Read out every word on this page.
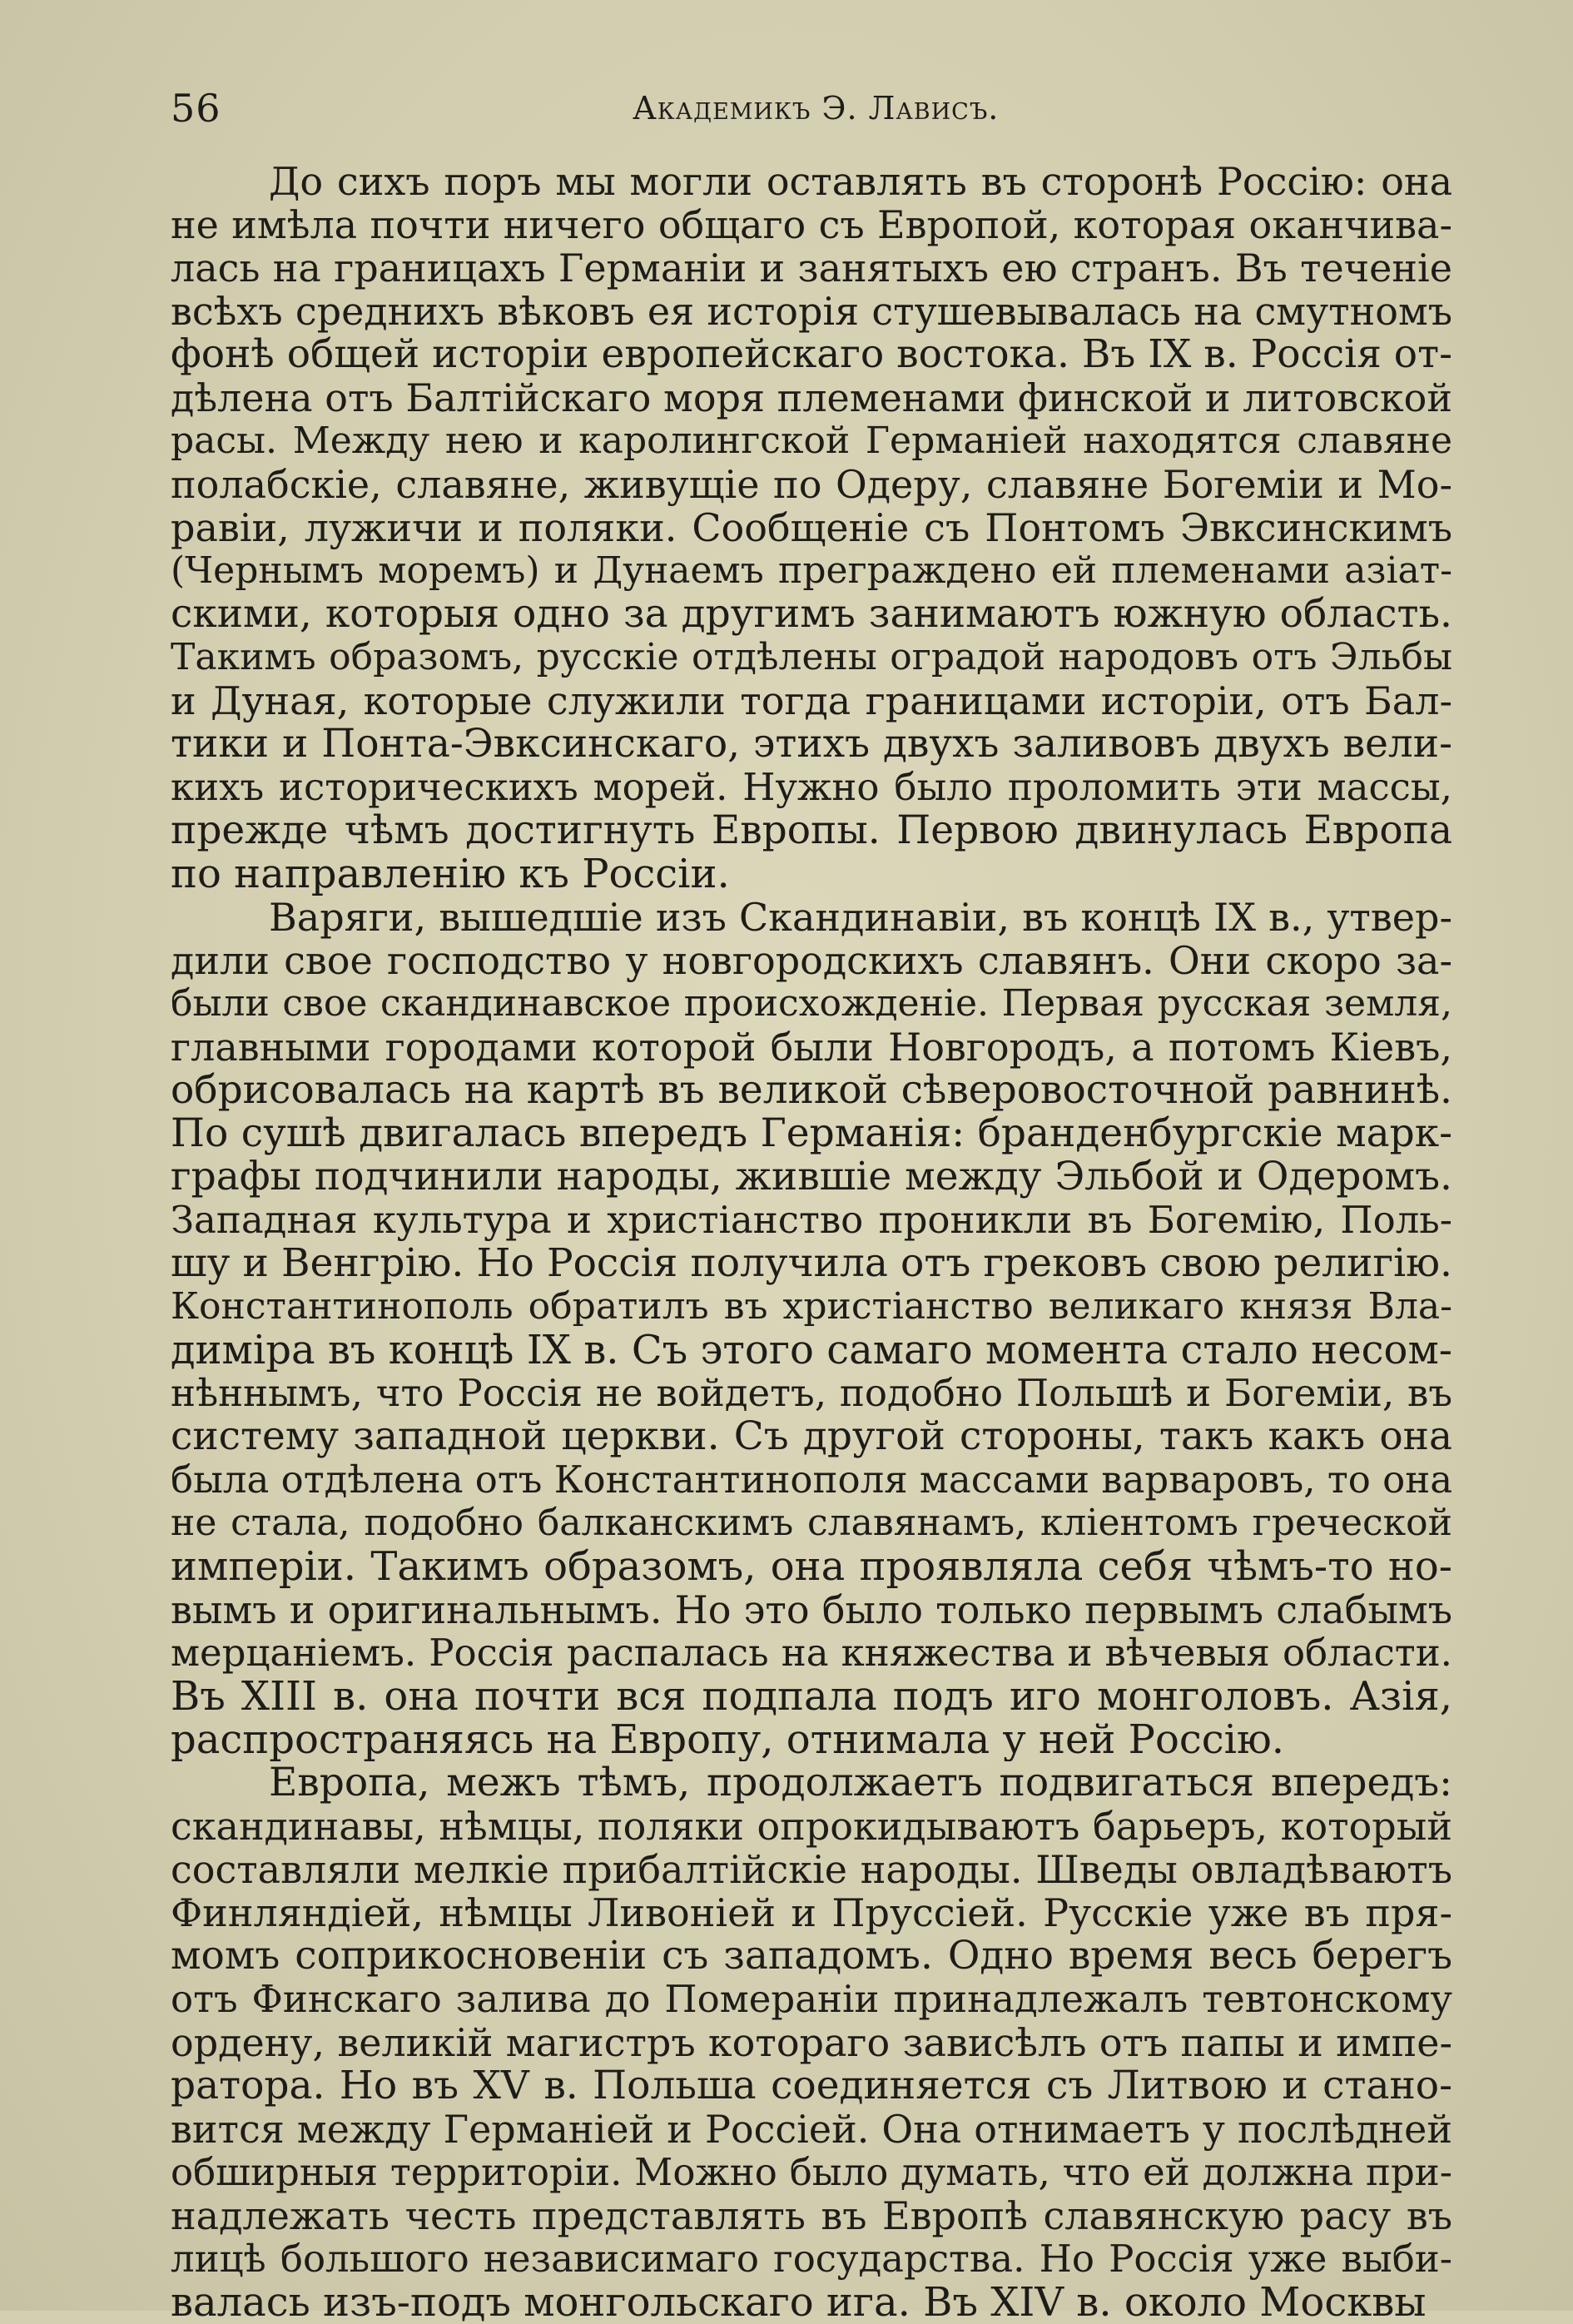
56	Академикъ Э. Лависъ.
До сихъ поръ мы могли оставлять въ сторонѣ Россію: она
не имѣла почти ничего общаго съ Европой, которая оканчива-
лась на границахъ Германіи и занятыхъ ею странъ. Въ теченіе
всѣхъ среднихъ вѣковъ ея исторія стушевывалась на смутномъ
фонѣ общей исторіи европейскаго востока. Въ IX в. Россія от-
дѣлена отъ Балтійскаго моря племенами финской и литовской
расы. Между нею и каролингской Германіей находятся славяне
полабскіе, славяне, живущіе по Одеру, славяне Богеміи и Мо-
равіи, лужичи и поляки. Сообщеніе съ Понтомъ Эвксинскимъ
(Чернымъ моремъ) и Дунаемъ преграждено ей племенами азіат-
скими, которыя одно за другимъ занимаютъ южную область.
Такимъ образомъ, русскіе отдѣлены оградой народовъ отъ Эльбы
и Дуная, которые служили тогда границами исторіи, отъ Бал-
тики и Понта-Эвксинскаго, этихъ двухъ заливовъ двухъ вели-
кихъ историческихъ морей. Нужно было проломить эти массы,
прежде чѣмъ достигнуть Европы. Первою двинулась Европа
по направленію къ Россіи.
Варяги, вышедшіе изъ Скандинавіи, въ концѣ IX в., утвер-
дили свое господство у новгородскихъ славянъ. Они скоро за-
были свое скандинавское происхожденіе. Первая русская земля,
главными городами которой были Новгородъ, а потомъ Кіевъ,
обрисовалась на картѣ въ великой сѣверовосточной равнинѣ.
По сушѣ двигалась впередъ Германія: бранденбургскіе марк-
графы подчинили народы, жившіе между Эльбой и Одеромъ.
Западная культура и христіанство проникли въ Богемію, Поль-
шу и Венгрію. Но Россія получила отъ грековъ свою религію.
Константинополь обратилъ въ христіанство великаго князя Вла-
диміра въ концѣ IX в. Съ этого самаго момента стало несом-
нѣннымъ, что Россія не войдетъ, подобно Польшѣ и Богеміи, въ
систему западной церкви. Съ другой стороны, такъ какъ она
была отдѣлена отъ Константинополя массами варваровъ, то она
не стала, подобно балканскимъ славянамъ, кліентомъ греческой
имперіи. Такимъ образомъ, она проявляла себя чѣмъ-то но-
вымъ и оригинальнымъ. Но это было только первымъ слабымъ
мерцаніемъ. Россія распалась на княжества и вѣчевыя области.
Въ XIII в. она почти вся подпала подъ иго монголовъ. Азія,
распространяясь на Европу, отнимала у ней Россію.
Европа, межъ тѣмъ, продолжаетъ подвигаться впередъ:
скандинавы, нѣмцы, поляки опрокидываютъ барьеръ, который
составляли мелкіе прибалтійскіе народы. Шведы овладѣваютъ
Финляндіей, нѣмцы Ливоніей и Пруссіей. Русскіе уже въ пря-
момъ соприкосновеніи съ западомъ. Одно время весь берегъ
отъ Финскаго залива до Помераніи принадлежалъ тевтонскому
ордену, великій магистръ котораго зависѣлъ отъ папы и импе-
ратора. Но въ XV в. Польша соединяется съ Литвою и стано-
вится между Германіей и Россіей. Она отнимаетъ у послѣдней
обширныя территоріи. Можно было думать, что ей должна при-
надлежать честь представлять въ Европѣ славянскую расу въ
лицѣ большого независимаго государства. Но Россія уже выби-
валась изъ-подъ монгольскаго ига. Въ XIV в. около Москвы
